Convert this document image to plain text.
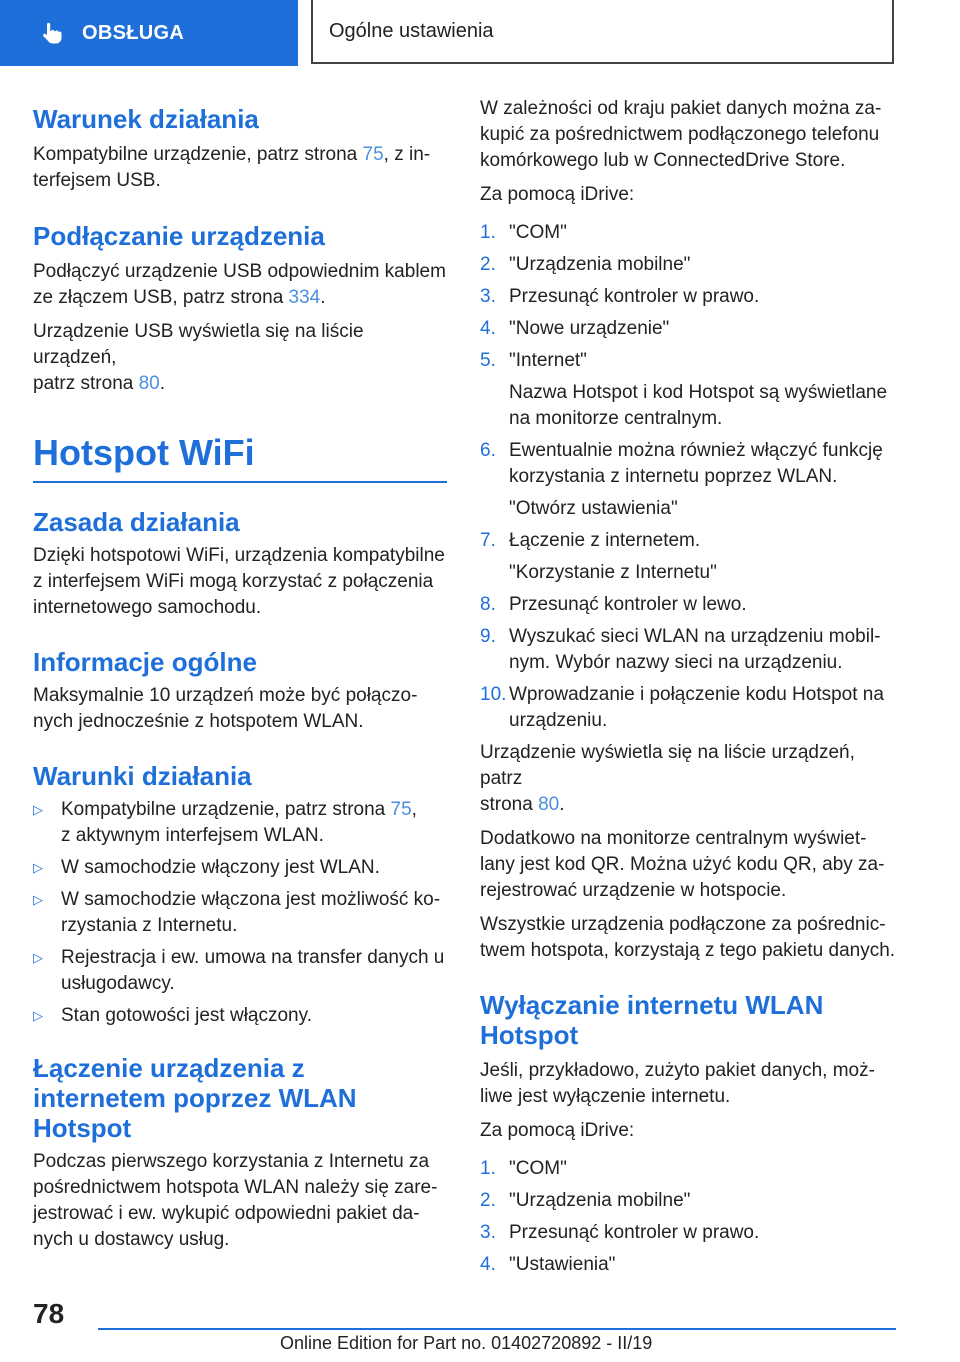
OBSŁUGA	Ogólne ustawienia
Warunek działania

Kompatybilne urządzenie, patrz strona 75, z in-
terfejsem USB.

Podłączanie urządzenia

Podłączyć urządzenie USB odpowiednim kablem
ze złączem USB, patrz strona 334.

Urządzenie USB wyświetla się na liście urządzeń,
patrz strona 80.

Hotspot WiFi
Zasada działania

Dzięki hotspotowi WiFi, urządzenia kompatybilne
z interfejsem WiFi mogą korzystać z połączenia
internetowego samochodu.

Informacje ogólne

Maksymalnie 10 urządzeń może być połączo-
nych jednocześnie z hotspotem WLAN.

Warunki działania
▷ Kompatybilne urządzenie, patrz strona 75,
z aktywnym interfejsem WLAN.
▷ W samochodzie włączony jest WLAN.
▷ W samochodzie włączona jest możliwość ko-
rzystania z Internetu.
▷ Rejestracja i ew. umowa na transfer danych u
usługodawcy.
▷ Stan gotowości jest włączony.
Łączenie urządzenia z
internetem poprzez WLAN
Hotspot

Podczas pierwszego korzystania z Internetu za
pośrednictwem hotspota WLAN należy się zare-
jestrować i ew. wykupić odpowiedni pakiet da-
nych u dostawcy usług.

W zależności od kraju pakiet danych można za-
kupić za pośrednictwem podłączonego telefonu
komórkowego lub w ConnectedDrive Store.

Za pomocą iDrive:

1. "COM"
2. "Urządzenia mobilne"
3. Przesunąć kontroler w prawo.
4. "Nowe urządzenie"
5. "Internet"
Nazwa Hotspot i kod Hotspot są wyświetlane
na monitorze centralnym.
6. Ewentualnie można również włączyć funkcję
korzystania z internetu poprzez WLAN.
"Otwórz ustawienia"
7. Łączenie z internetem.
"Korzystanie z Internetu"
8. Przesunąć kontroler w lewo.
9. Wyszukać sieci WLAN na urządzeniu mobil-
nym. Wybór nazwy sieci na urządzeniu.
10. Wprowadzanie i połączenie kodu Hotspot na
urządzeniu.

Urządzenie wyświetla się na liście urządzeń, patrz
strona 80.

Dodatkowo na monitorze centralnym wyświet-
lany jest kod QR. Można użyć kodu QR, aby za-
rejestrować urządzenie w hotspocie.

Wszystkie urządzenia podłączone za pośrednic-
twem hotspota, korzystają z tego pakietu danych.

Wyłączanie internetu WLAN
Hotspot

Jeśli, przykładowo, zużyto pakiet danych, moż-
liwe jest wyłączenie internetu.

Za pomocą iDrive:

1. "COM"
2. "Urządzenia mobilne"
3. Przesunąć kontroler w prawo.
4. "Ustawienia"
78
Online Edition for Part no. 01402720892 - II/19
